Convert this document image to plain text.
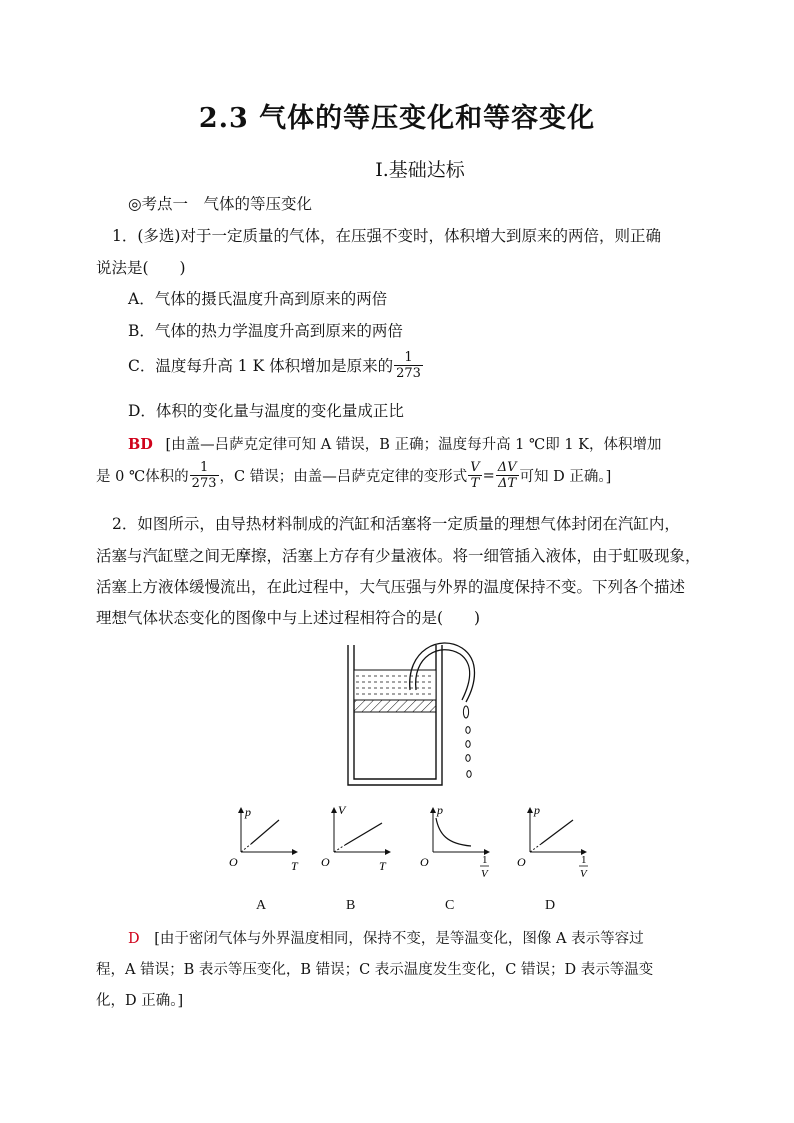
2.3 气体的等压变化和等容变化
Ⅰ.基础达标
◎考点一　气体的等压变化
1．(多选)对于一定质量的气体，在压强不变时，体积增大到原来的两倍，则正确
说法是(　　)
A．气体的摄氏温度升高到原来的两倍
B．气体的热力学温度升高到原来的两倍
C．温度每升高 1 K 体积增加是原来的 $\frac{1}{273}$
D．体积的变化量与温度的变化量成正比
BD [由盖—吕萨克定律可知 A 错误，B 正确；温度每升高 1 ℃即 1 K，体积增加
是 0 ℃体积的 $\frac{1}{273}$ ，C 错误；由盖—吕萨克定律的变形式 $\frac{V}{T} = \frac{\Delta V}{\Delta T}$ 可知 D 正确。]
2．如图所示，由导热材料制成的汽缸和活塞将一定质量的理想气体封闭在汽缸内，
活塞与汽缸壁之间无摩擦，活塞上方存有少量液体。将一细管插入液体，由于虹吸现象，
活塞上方液体缓慢流出，在此过程中，大气压强与外界的温度保持不变。下列各个描述
理想气体状态变化的图像中与上述过程相符合的是(　　)
p
T
O
V
T
O
p
1
V
O
p
1
V
O
A	B	C	D
D [由于密闭气体与外界温度相同，保持不变，是等温变化，图像 A 表示等容过
程，A 错误；B 表示等压变化，B 错误；C 表示温度发生变化，C 错误；D 表示等温变
化，D 正确。]
